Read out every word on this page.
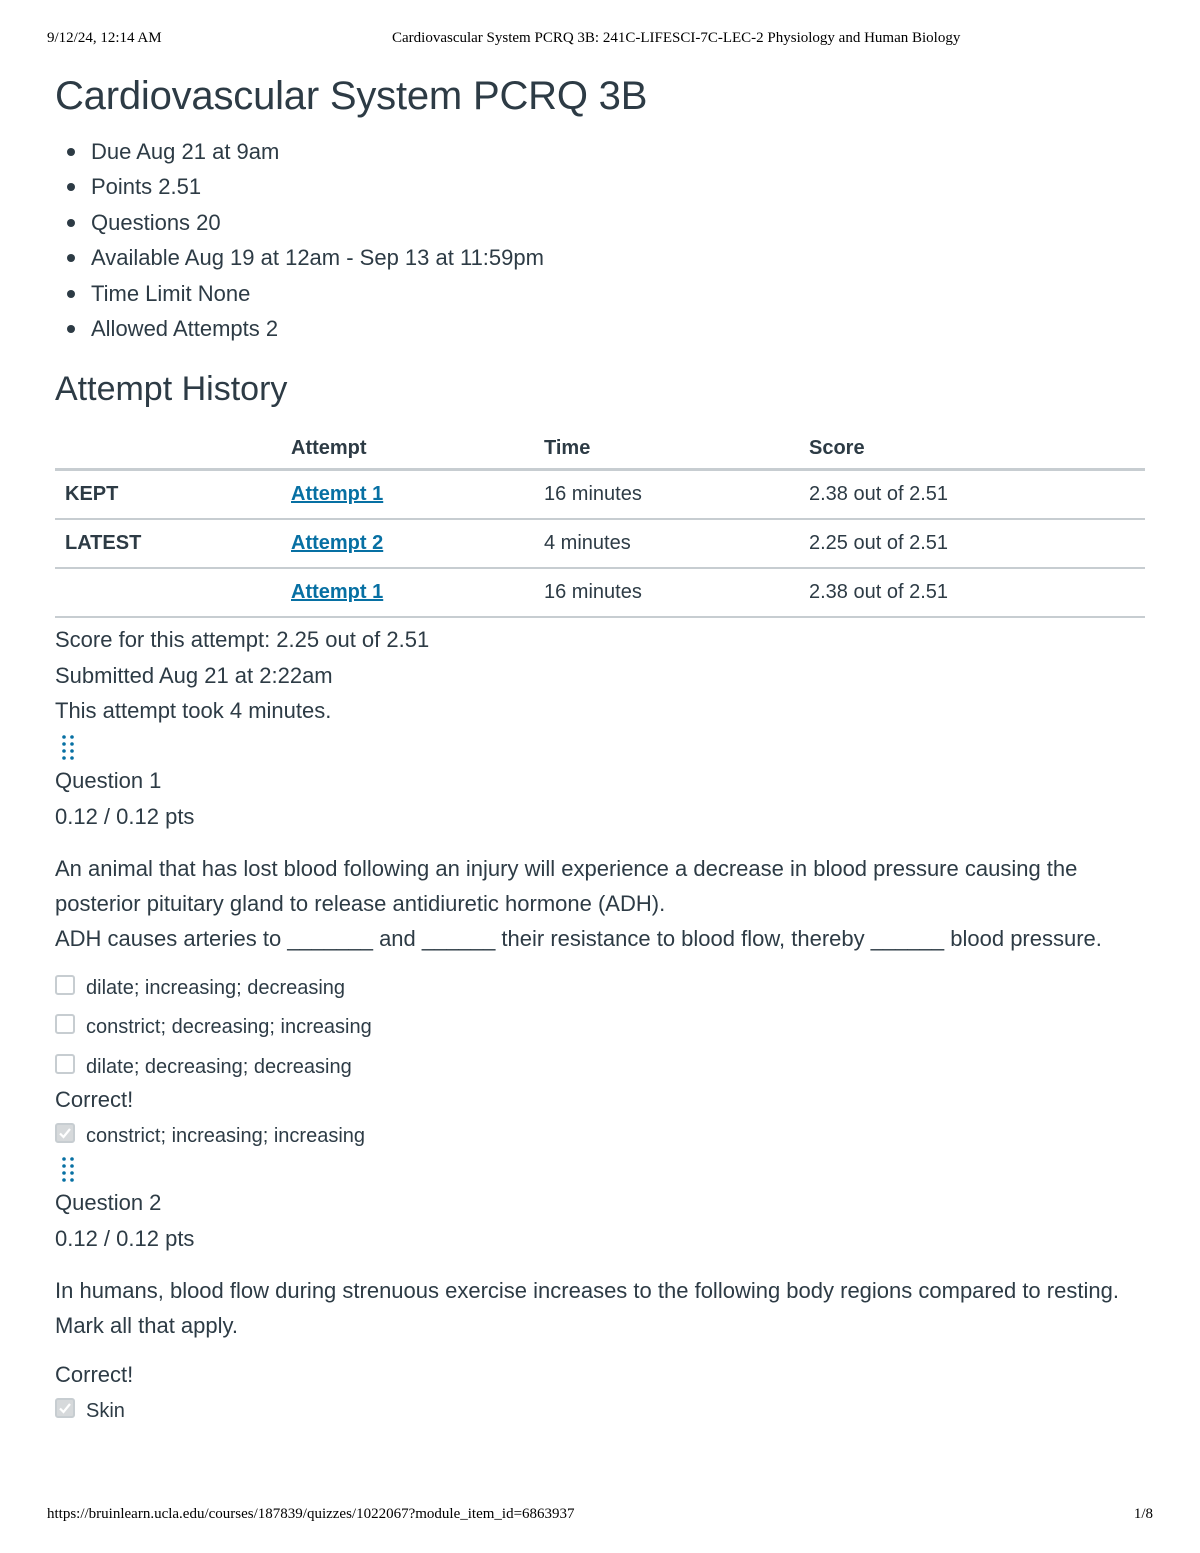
9/12/24, 12:14 AM	Cardiovascular System PCRQ 3B: 241C-LIFESCI-7C-LEC-2 Physiology and Human Biology
Cardiovascular System PCRQ 3B
Due Aug 21 at 9am
Points 2.51
Questions 20
Available Aug 19 at 12am - Sep 13 at 11:59pm
Time Limit None
Allowed Attempts 2
Attempt History
	Attempt	Time	Score
KEPT	Attempt 1	16 minutes	2.38 out of 2.51
LATEST	Attempt 2	4 minutes	2.25 out of 2.51
	Attempt 1	16 minutes	2.38 out of 2.51
Score for this attempt: 2.25 out of 2.51
Submitted Aug 21 at 2:22am
This attempt took 4 minutes.
Question 1
0.12 / 0.12 pts
An animal that has lost blood following an injury will experience a decrease in blood pressure causing the posterior pituitary gland to release antidiuretic hormone (ADH).
ADH causes arteries to _______ and ______ their resistance to blood flow, thereby ______ blood pressure.
dilate; increasing; decreasing
constrict; decreasing; increasing
dilate; decreasing; decreasing
Correct!
constrict; increasing; increasing
Question 2
0.12 / 0.12 pts
In humans, blood flow during strenuous exercise increases to the following body regions compared to resting. Mark all that apply.
Correct!
Skin
https://bruinlearn.ucla.edu/courses/187839/quizzes/1022067?module_item_id=6863937	1/8
